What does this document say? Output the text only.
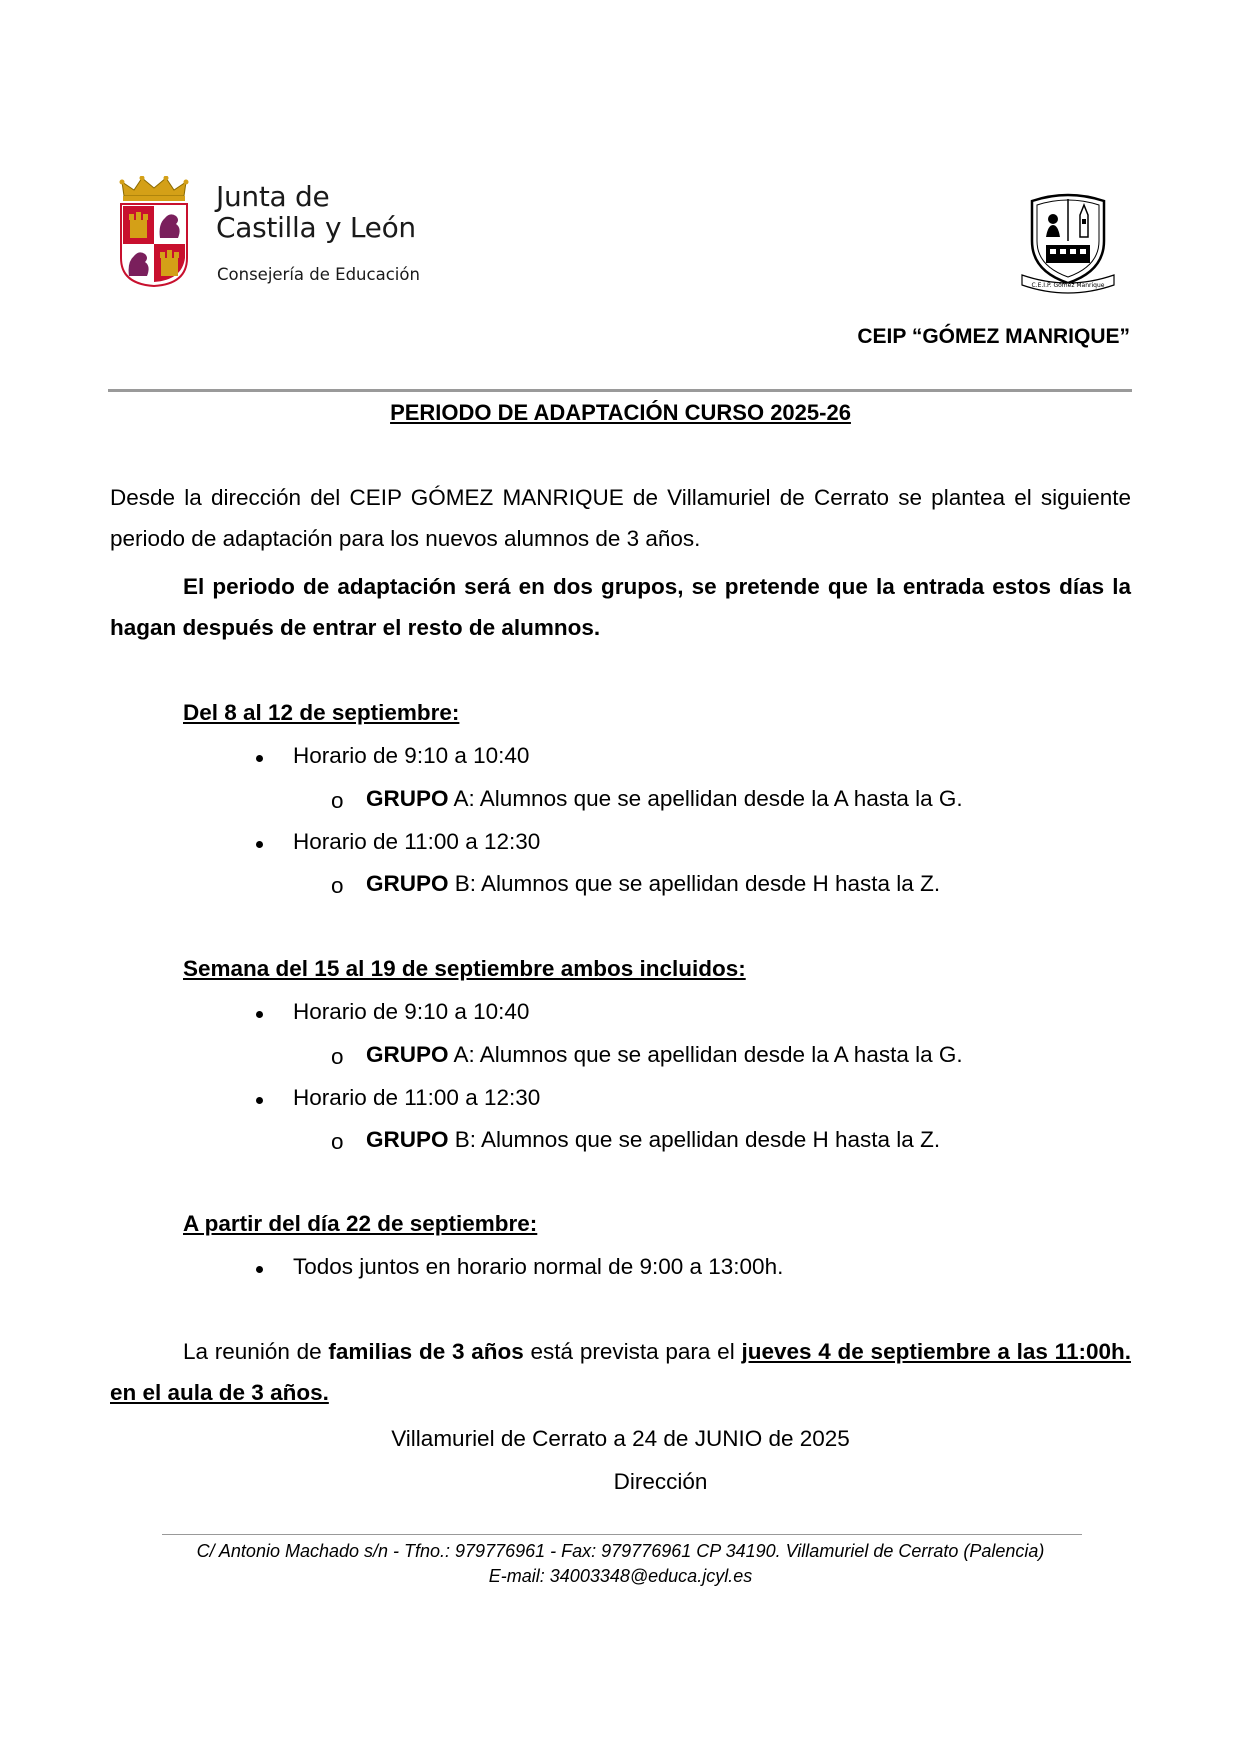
Junta de
Castilla y León
Consejería de Educación
C.E.I.P. Gómez Manrique
CEIP “GÓMEZ MANRIQUE”
PERIODO DE ADAPTACIÓN CURSO 2025-26
Desde la dirección del CEIP GÓMEZ MANRIQUE de Villamuriel de Cerrato se plantea el siguiente periodo de adaptación para los nuevos alumnos de 3 años.
El periodo de adaptación será en dos grupos, se pretende que la entrada estos días la hagan después de entrar el resto de alumnos.
Del 8 al 12 de septiembre:
Horario de 9:10 a 10:40
o GRUPO A: Alumnos que se apellidan desde la A hasta la G.
Horario de 11:00 a 12:30
o GRUPO B: Alumnos que se apellidan desde H hasta la Z.
Semana del 15 al 19 de septiembre ambos incluidos:
Horario de 9:10 a 10:40
o GRUPO A: Alumnos que se apellidan desde la A hasta la G.
Horario de 11:00 a 12:30
o GRUPO B: Alumnos que se apellidan desde H hasta la Z.
A partir del día 22 de septiembre:
Todos juntos en horario normal de 9:00 a 13:00h.
La reunión de familias de 3 años está prevista para el jueves 4 de septiembre a las 11:00h. en el aula de 3 años.
Villamuriel de Cerrato a 24 de JUNIO de 2025
Dirección
C/ Antonio Machado s/n - Tfno.: 979776961 - Fax: 979776961 CP 34190. Villamuriel de Cerrato (Palencia)
E-mail: 34003348@educa.jcyl.es
